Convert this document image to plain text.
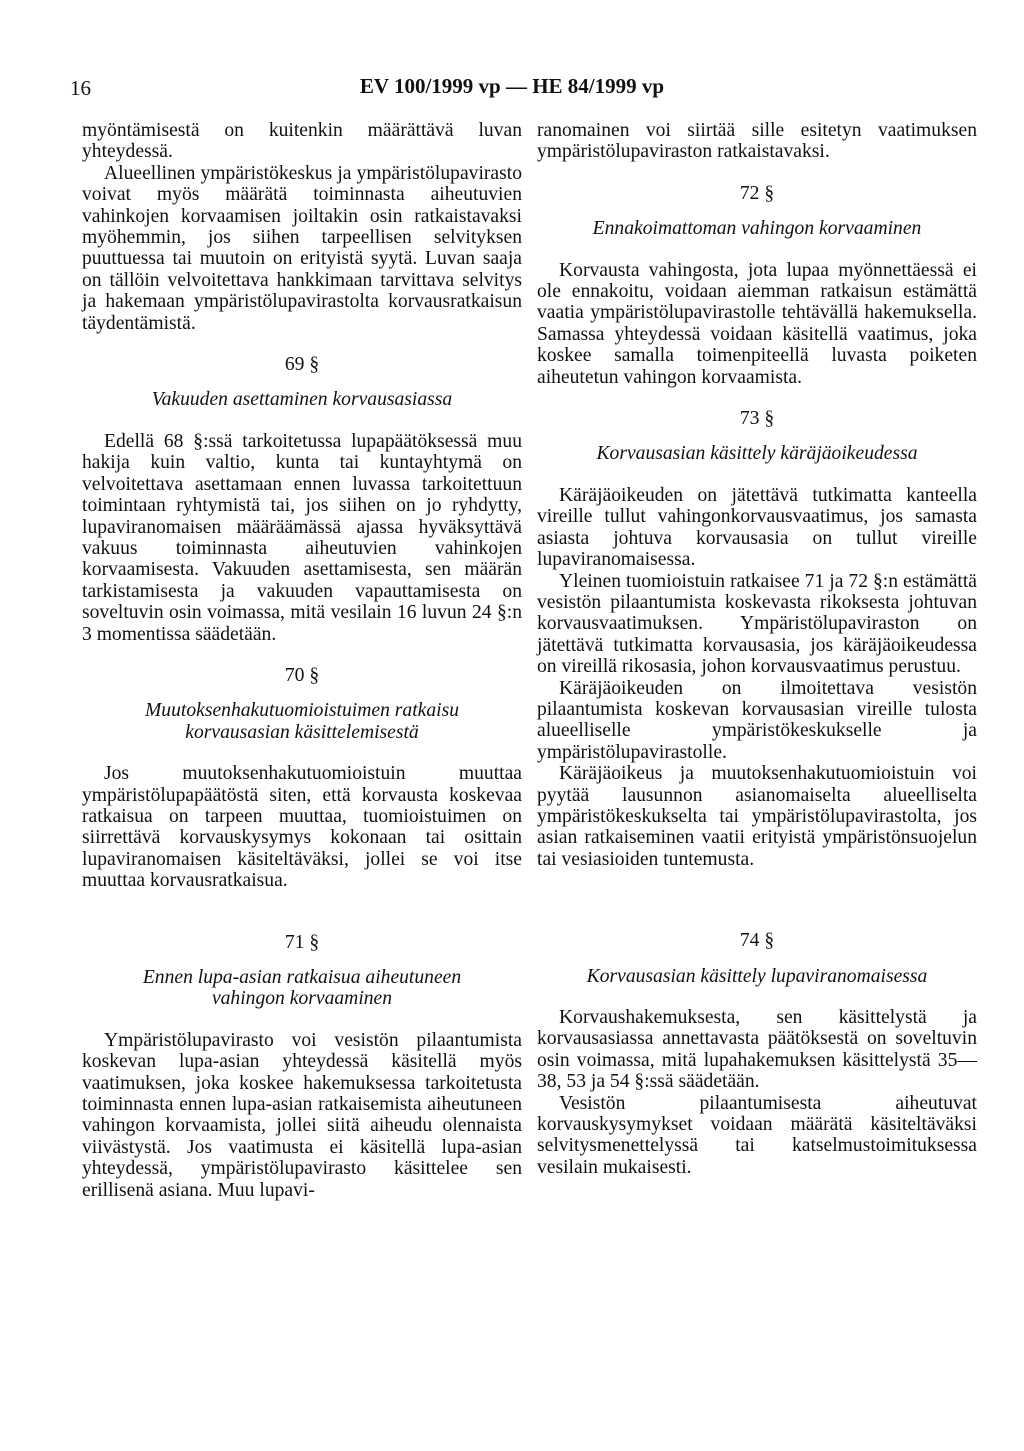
16	EV 100/1999 vp — HE 84/1999 vp

myöntämisestä on kuitenkin määrättävä luvan yhteydessä.

Alueellinen ympäristökeskus ja ympäristölupavirasto voivat myös määrätä toiminnasta aiheutuvien vahinkojen korvaamisen joiltakin osin ratkaistavaksi myöhemmin, jos siihen tarpeellisen selvityksen puuttuessa tai muutoin on erityistä syytä. Luvan saaja on tällöin velvoitettava hankkimaan tarvittava selvitys ja hakemaan ympäristölupavirastolta korvausratkaisun täydentämistä.

69 §
Vakuuden asettaminen korvausasiassa

Edellä 68 §:ssä tarkoitetussa lupapäätöksessä muu hakija kuin valtio, kunta tai kuntayhtymä on velvoitettava asettamaan ennen luvassa tarkoitettuun toimintaan ryhtymistä tai, jos siihen on jo ryhdytty, lupaviranomaisen määräämässä ajassa hyväksyttävä vakuus toiminnasta aiheutuvien vahinkojen korvaamisesta. Vakuuden asettamisesta, sen määrän tarkistamisesta ja vakuuden vapauttamisesta on soveltuvin osin voimassa, mitä vesilain 16 luvun 24 §:n 3 momentissa säädetään.

70 §
Muutoksenhakutuomioistuimen ratkaisu
korvausasian käsittelemisestä

Jos muutoksenhakutuomioistuin muuttaa ympäristölupapäätöstä siten, että korvausta koskevaa ratkaisua on tarpeen muuttaa, tuomioistuimen on siirrettävä korvauskysymys kokonaan tai osittain lupaviranomaisen käsiteltäväksi, jollei se voi itse muuttaa korvausratkaisua.

71 §
Ennen lupa-asian ratkaisua aiheutuneen
vahingon korvaaminen

Ympäristölupavirasto voi vesistön pilaantumista koskevan lupa-asian yhteydessä käsitellä myös vaatimuksen, joka koskee hakemuksessa tarkoitetusta toiminnasta ennen lupa-asian ratkaisemista aiheutuneen vahingon korvaamista, jollei siitä aiheudu olennaista viivästystä. Jos vaatimusta ei käsitellä lupa-asian yhteydessä, ympäristölupavirasto käsittelee sen erillisenä asiana. Muu lupavi-

ranomainen voi siirtää sille esitetyn vaatimuksen ympäristölupaviraston ratkaistavaksi.

72 §
Ennakoimattoman vahingon korvaaminen

Korvausta vahingosta, jota lupaa myönnettäessä ei ole ennakoitu, voidaan aiemman ratkaisun estämättä vaatia ympäristölupavirastolle tehtävällä hakemuksella. Samassa yhteydessä voidaan käsitellä vaatimus, joka koskee samalla toimenpiteellä luvasta poiketen aiheutetun vahingon korvaamista.

73 §
Korvausasian käsittely käräjäoikeudessa

Käräjäoikeuden on jätettävä tutkimatta kanteella vireille tullut vahingonkorvausvaatimus, jos samasta asiasta johtuva korvausasia on tullut vireille lupaviranomaisessa.

Yleinen tuomioistuin ratkaisee 71 ja 72 §:n estämättä vesistön pilaantumista koskevasta rikoksesta johtuvan korvausvaatimuksen. Ympäristölupaviraston on jätettävä tutkimatta korvausasia, jos käräjäoikeudessa on vireillä rikosasia, johon korvausvaatimus perustuu.

Käräjäoikeuden on ilmoitettava vesistön pilaantumista koskevan korvausasian vireille tulosta alueelliselle ympäristökeskukselle ja ympäristölupavirastolle.

Käräjäoikeus ja muutoksenhakutuomioistuin voi pyytää lausunnon asianomaiselta alueelliselta ympäristökeskukselta tai ympäristölupavirastolta, jos asian ratkaiseminen vaatii erityistä ympäristönsuojelun tai vesiasioiden tuntemusta.

74 §
Korvausasian käsittely lupaviranomaisessa

Korvaushakemuksesta, sen käsittelystä ja korvausasiassa annettavasta päätöksestä on soveltuvin osin voimassa, mitä lupahakemuksen käsittelystä 35—38, 53 ja 54 §:ssä säädetään.

Vesistön pilaantumisesta aiheutuvat korvauskysymykset voidaan määrätä käsiteltäväksi selvitysmenettelyssä tai katselmustoimituksessa vesilain mukaisesti.
